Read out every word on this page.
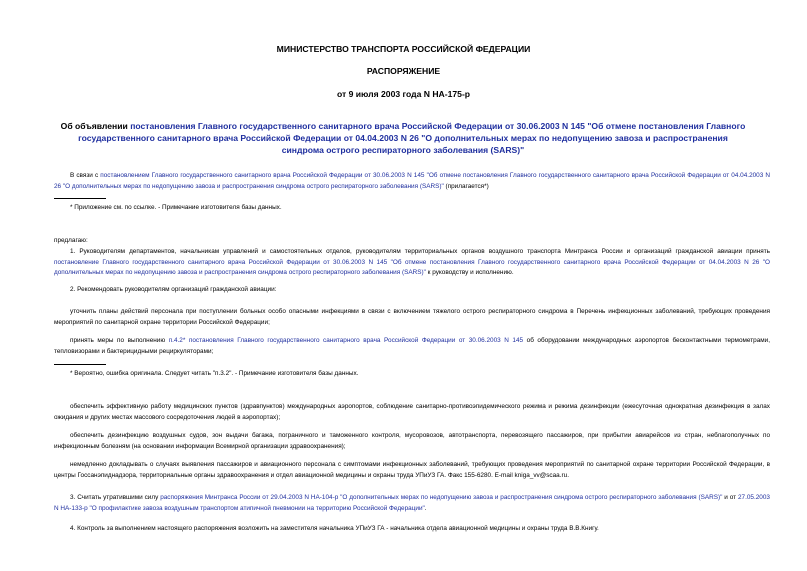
МИНИСТЕРСТВО ТРАНСПОРТА РОССИЙСКОЙ ФЕДЕРАЦИИ
РАСПОРЯЖЕНИЕ
от 9 июля 2003 года N НА-175-р
Об объявлении постановления Главного государственного санитарного врача Российской Федерации от 30.06.2003 N 145 "Об отмене постановления Главного государственного санитарного врача Российской Федерации от 04.04.2003 N 26 "О дополнительных мерах по недопущению завоза и распространения синдрома острого респираторного заболевания (SARS)"
В связи с постановлением Главного государственного санитарного врача Российской Федерации от 30.06.2003 N 145 "Об отмене постановления Главного государственного санитарного врача Российской Федерации от 04.04.2003 N 26 "О дополнительных мерах по недопущению завоза и распространения синдрома острого респираторного заболевания (SARS)" (прилагается*)
* Приложение см. по ссылке. - Примечание изготовителя базы данных.
предлагаю:
1. Руководителям департаментов, начальникам управлений и самостоятельных отделов, руководителям территориальных органов воздушного транспорта Минтранса России и организаций гражданской авиации принять постановление Главного государственного санитарного врача Российской Федерации от 30.06.2003 N 145 "Об отмене постановления Главного государственного санитарного врача Российской Федерации от 04.04.2003 N 26 "О дополнительных мерах по недопущению завоза и распространения синдрома острого респираторного заболевания (SARS)" к руководству и исполнению.
2. Рекомендовать руководителям организаций гражданской авиации:
уточнить планы действий персонала при поступлении больных особо опасными инфекциями в связи с включением тяжелого острого респираторного синдрома в Перечень инфекционных заболеваний, требующих проведения мероприятий по санитарной охране территории Российской Федерации;
принять меры по выполнению п.4.2* постановления Главного государственного санитарного врача Российской Федерации от 30.06.2003 N 145 об оборудовании международных аэропортов бесконтактными термометрами, тепловизорами и бактерицидными рециркуляторами;
* Вероятно, ошибка оригинала. Следует читать "п.3.2". - Примечание изготовителя базы данных.
обеспечить эффективную работу медицинских пунктов (здравпунктов) международных аэропортов, соблюдение санитарно-противоэпидемического режима и режима дезинфекции (ежесуточная однократная дезинфекция в залах ожидания и других местах массового сосредоточения людей в аэропортах);
обеспечить дезинфекцию воздушных судов, зон выдачи багажа, пограничного и таможенного контроля, мусоровозов, автотранспорта, перевозящего пассажиров, при прибытии авиарейсов из стран, неблагополучных по инфекционным болезням (на основании информации Всемирной организации здравоохранения);
немедленно докладывать о случаях выявления пассажиров и авиационного персонала с симптомами инфекционных заболеваний, требующих проведения мероприятий по санитарной охране территории Российской Федерации, в центры Госсанэпиднадзора, территориальные органы здравоохранения и отдел авиационной медицины и охраны труда УПиУЗ ГА. Факс 155-6280. E-mail kniga_vv@scaa.ru.
3. Считать утратившими силу распоряжения Минтранса России от 29.04.2003 N НА-104-р "О дополнительных мерах по недопущению завоза и распространения синдрома острого респираторного заболевания (SARS)" и от 27.05.2003 N НА-133-р "О профилактике завоза воздушным транспортом атипичной пневмонии на территорию Российской Федерации".
4. Контроль за выполнением настоящего распоряжения возложить на заместителя начальника УПиУЗ ГА - начальника отдела авиационной медицины и охраны труда В.В.Книгу.
